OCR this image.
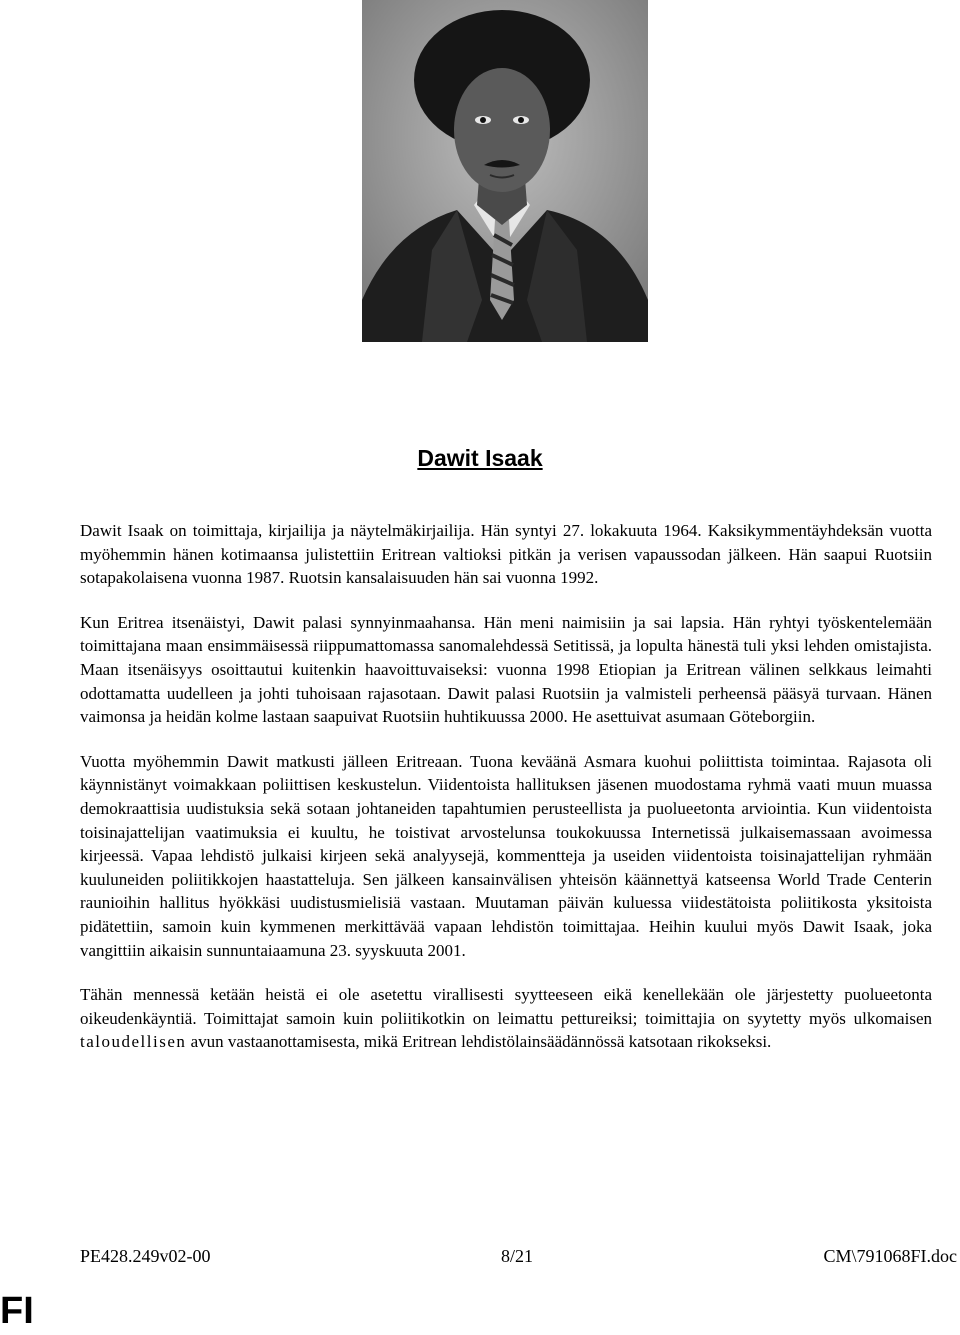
Dawit Isaak

Dawit Isaak on toimittaja, kirjailija ja näytelmäkirjailija. Hän syntyi 27. lokakuuta 1964. Kaksikymmentäyhdeksän vuotta myöhemmin hänen kotimaansa julistettiin Eritrean valtioksi pitkän ja verisen vapaussodan jälkeen. Hän saapui Ruotsiin sotapakolaisena vuonna 1987. Ruotsin kansalaisuuden hän sai vuonna 1992.

Kun Eritrea itsenäistyi, Dawit palasi synnyinmaahansa. Hän meni naimisiin ja sai lapsia. Hän ryhtyi työskentelemään toimittajana maan ensimmäisessä riippumattomassa sanomalehdessä Setitissä, ja lopulta hänestä tuli yksi lehden omistajista. Maan itsenäisyys osoittautui kuitenkin haavoittuvaiseksi: vuonna 1998 Etiopian ja Eritrean välinen selkkaus leimahti odottamatta uudelleen ja johti tuhoisaan rajasotaan. Dawit palasi Ruotsiin ja valmisteli perheensä pääsyä turvaan. Hänen vaimonsa ja heidän kolme lastaan saapuivat Ruotsiin huhtikuussa 2000. He asettuivat asumaan Göteborgiin.

Vuotta myöhemmin Dawit matkusti jälleen Eritreaan. Tuona keväänä Asmara kuohui poliittista toimintaa. Rajasota oli käynnistänyt voimakkaan poliittisen keskustelun. Viidentoista hallituksen jäsenen muodostama ryhmä vaati muun muassa demokraattisia uudistuksia sekä sotaan johtaneiden tapahtumien perusteellista ja puolueetonta arviointia. Kun viidentoista toisinajattelijan vaatimuksia ei kuultu, he toistivat arvostelunsa toukokuussa Internetissä julkaisemassaan avoimessa kirjeessä. Vapaa lehdistö julkaisi kirjeen sekä analyysejä, kommentteja ja useiden viidentoista toisinajattelijan ryhmään kuuluneiden poliitikkojen haastatteluja. Sen jälkeen kansainvälisen yhteisön käännettyä katseensa World Trade Centerin raunioihin hallitus hyökkäsi uudistusmielisiä vastaan. Muutaman päivän kuluessa viidestätoista poliitikosta yksitoista pidätettiin, samoin kuin kymmenen merkittävää vapaan lehdistön toimittajaa. Heihin kuului myös Dawit Isaak, joka vangittiin aikaisin sunnuntaiaamuna 23. syyskuuta 2001.

Tähän mennessä ketään heistä ei ole asetettu virallisesti syytteeseen eikä kenellekään ole järjestetty puolueetonta oikeudenkäyntiä. Toimittajat samoin kuin poliitikotkin on leimattu pettureiksi; toimittajia on syytetty myös ulkomaisen taloudellisen avun vastaanottamisesta, mikä Eritrean lehdistölainsäädännössä katsotaan rikokseksi.

PE428.249v02-00	8/21	CM\791068FI.doc
FI
